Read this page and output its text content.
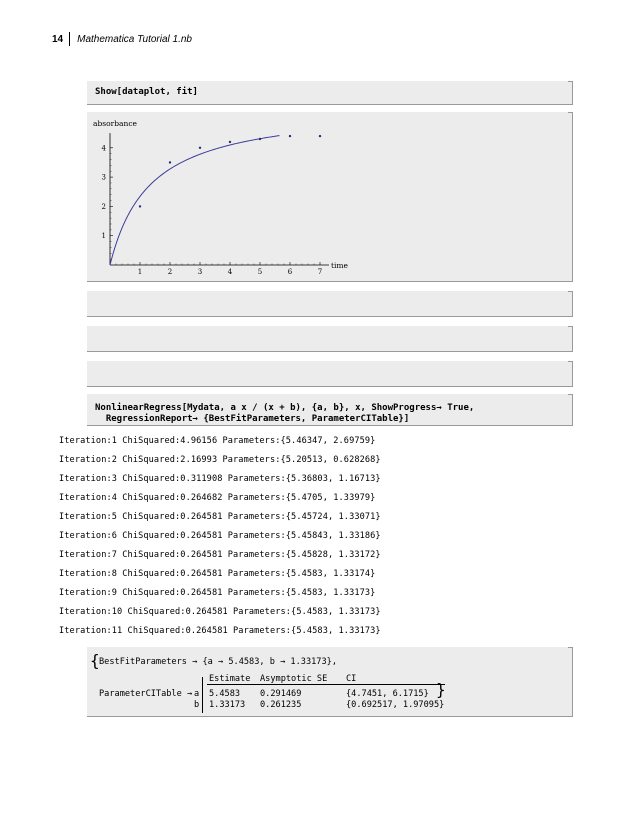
14	Mathematica Tutorial 1.nb
Show[dataplot, fit]
1	2	3	4	5	6	7
1
2
3
4
absorbance
time
NonlinearRegress[Mydata, a x / (x + b), {a, b}, x, ShowProgress→ True,
RegressionReport→ {BestFitParameters, ParameterCITable}]
Iteration:1 ChiSquared:4.96156 Parameters:{5.46347, 2.69759}
Iteration:2 ChiSquared:2.16993 Parameters:{5.20513, 0.628268}
Iteration:3 ChiSquared:0.311908 Parameters:{5.36803, 1.16713}
Iteration:4 ChiSquared:0.264682 Parameters:{5.4705, 1.33979}
Iteration:5 ChiSquared:0.264581 Parameters:{5.45724, 1.33071}
Iteration:6 ChiSquared:0.264581 Parameters:{5.45843, 1.33186}
Iteration:7 ChiSquared:0.264581 Parameters:{5.45828, 1.33172}
Iteration:8 ChiSquared:0.264581 Parameters:{5.4583, 1.33174}
Iteration:9 ChiSquared:0.264581 Parameters:{5.4583, 1.33173}
Iteration:10 ChiSquared:0.264581 Parameters:{5.4583, 1.33173}
Iteration:11 ChiSquared:0.264581 Parameters:{5.4583, 1.33173}
{ BestFitParameters → {a → 5.4583, b → 1.33173},
ParameterCITable →
Estimate Asymptotic SE CI
a 5.4583 0.291469	{4.7451, 6.1715}
b 1.33173 0.261235	{0.692517, 1.97095}
}
